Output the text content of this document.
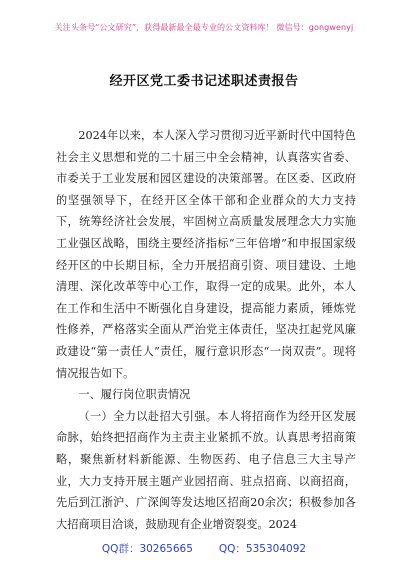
关注头条号“公文研究”，获得最新最全最专业的公文资料库！ 微信号：gongwenyj
经开区党工委书记述职述责报告

2024年以来，本人深入学习贯彻习近平新时代中国特色社会主义思想和党的二十届三中全会精神，认真落实省委、市委关于工业发展和园区建设的决策部署。在区委、区政府的坚强领导下，在经开区全体干部和企业群众的大力支持下，统筹经济社会发展，牢固树立高质量发展理念大力实施工业强区战略，围绕主要经济指标“三年倍增”和申报国家级经开区的中长期目标，全力开展招商引资、项目建设、土地清理、深化改革等中心工作，取得一定的成果。此外，本人在工作和生活中不断强化自身建设，提高能力素质，锤炼党性修养，严格落实全面从严治党主体责任，坚决扛起党风廉政建设“第一责任人”责任，履行意识形态“一岗双责”。现将情况报告如下。

一、履行岗位职责情况

（一）全力以赴招大引强。本人将招商作为经开区发展命脉，始终把招商作为主责主业紧抓不放。认真思考招商策略，聚焦新材料新能源、生物医药、电子信息三大主导产业，大力支持开展主题产业园招商、驻点招商、以商招商，先后到江浙沪、广深闽等发达地区招商20余次；积极参加各大招商项目洽谈，鼓励现有企业增资裂变。2024

QQ群：30265665 QQ：535304092
